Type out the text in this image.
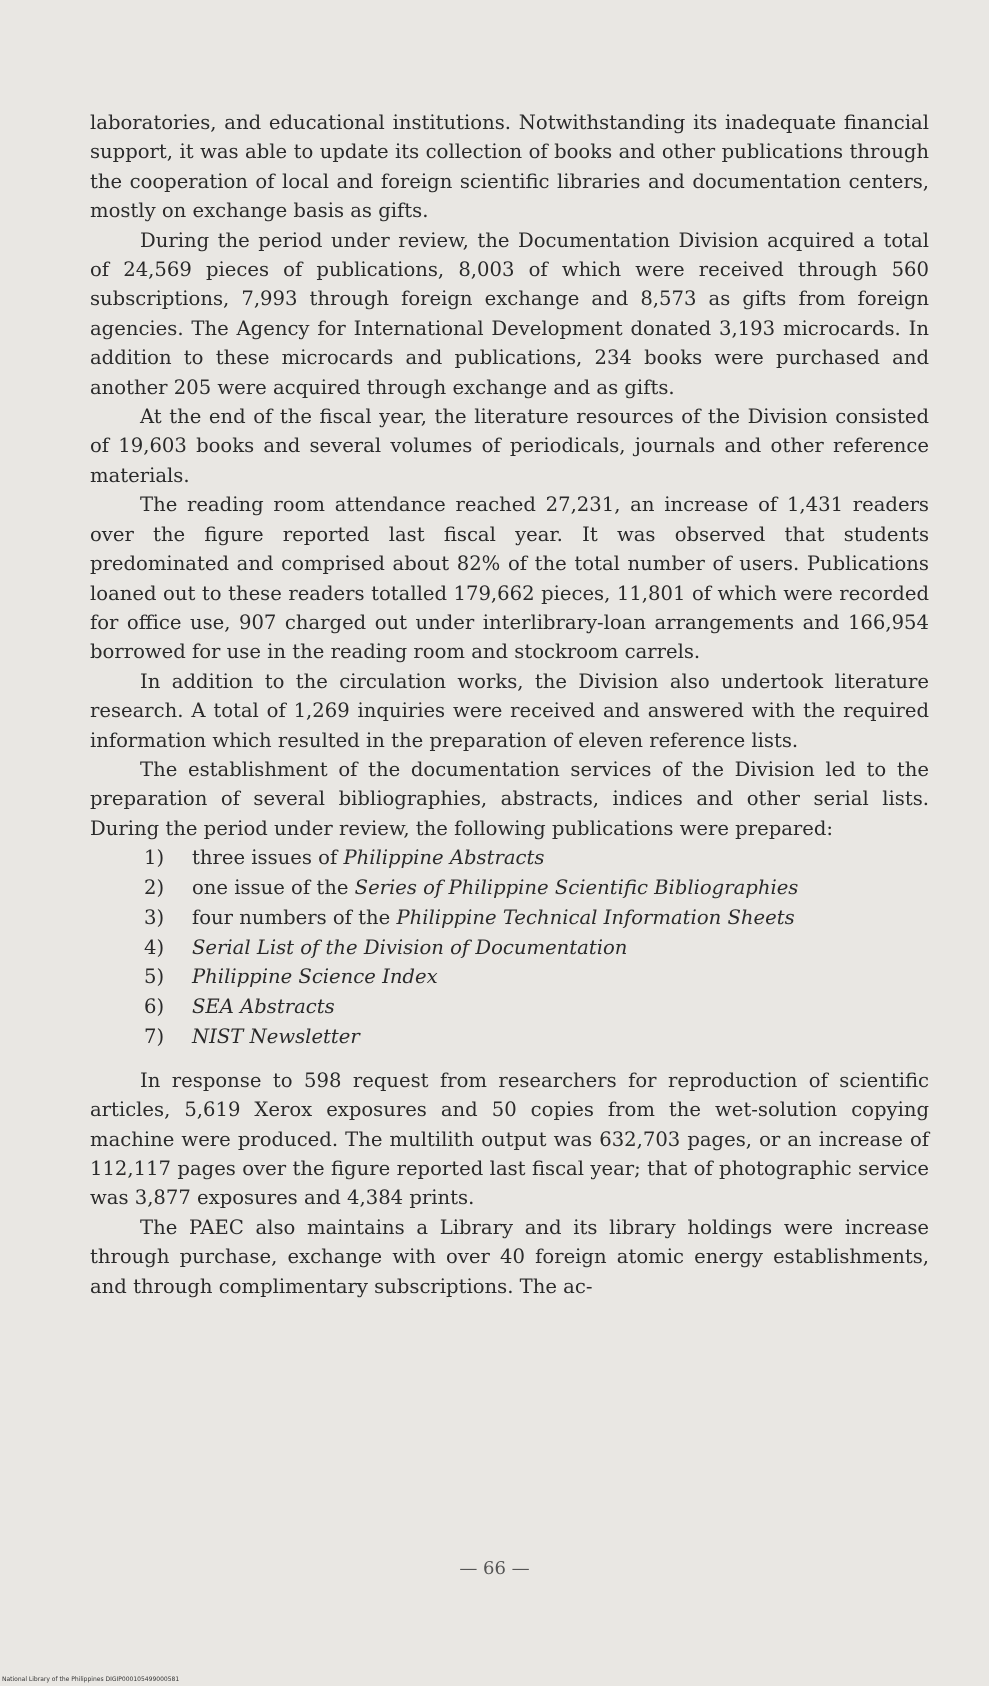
laboratories, and educational institutions. Notwithstanding its inadequate financial support, it was able to update its collection of books and other publications through the cooperation of local and foreign scientific libraries and documentation centers, mostly on exchange basis as gifts.

During the period under review, the Documentation Division acquired a total of 24,569 pieces of publications, 8,003 of which were received through 560 subscriptions, 7,993 through foreign exchange and 8,573 as gifts from foreign agencies. The Agency for International Development donated 3,193 microcards. In addition to these microcards and publications, 234 books were purchased and another 205 were acquired through exchange and as gifts.

At the end of the fiscal year, the literature resources of the Division consisted of 19,603 books and several volumes of periodicals, journals and other reference materials.

The reading room attendance reached 27,231, an increase of 1,431 readers over the figure reported last fiscal year. It was observed that students predominated and comprised about 82% of the total number of users. Publications loaned out to these readers totalled 179,662 pieces, 11,801 of which were recorded for office use, 907 charged out under interlibrary-loan arrangements and 166,954 borrowed for use in the reading room and stockroom carrels.

In addition to the circulation works, the Division also undertook literature research. A total of 1,269 inquiries were received and answered with the required information which resulted in the preparation of eleven reference lists.

The establishment of the documentation services of the Division led to the preparation of several bibliographies, abstracts, indices and other serial lists. During the period under review, the following publications were prepared:

1)	three issues of Philippine Abstracts
2)	one issue of the Series of Philippine Scientific Bibliographies
3)	four numbers of the Philippine Technical Information Sheets
4)	Serial List of the Division of Documentation
5)	Philippine Science Index
6)	SEA Abstracts
7)	NIST Newsletter

In response to 598 request from researchers for reproduction of scientific articles, 5,619 Xerox exposures and 50 copies from the wet-solution copying machine were produced. The multilith output was 632,703 pages, or an increase of 112,117 pages over the figure reported last fiscal year; that of photographic service was 3,877 exposures and 4,384 prints.

The PAEC also maintains a Library and its library holdings were increase through purchase, exchange with over 40 foreign atomic energy establishments, and through complimentary subscriptions. The ac-

— 66 —
National Library of the Philippines DIGIP000105499000581
